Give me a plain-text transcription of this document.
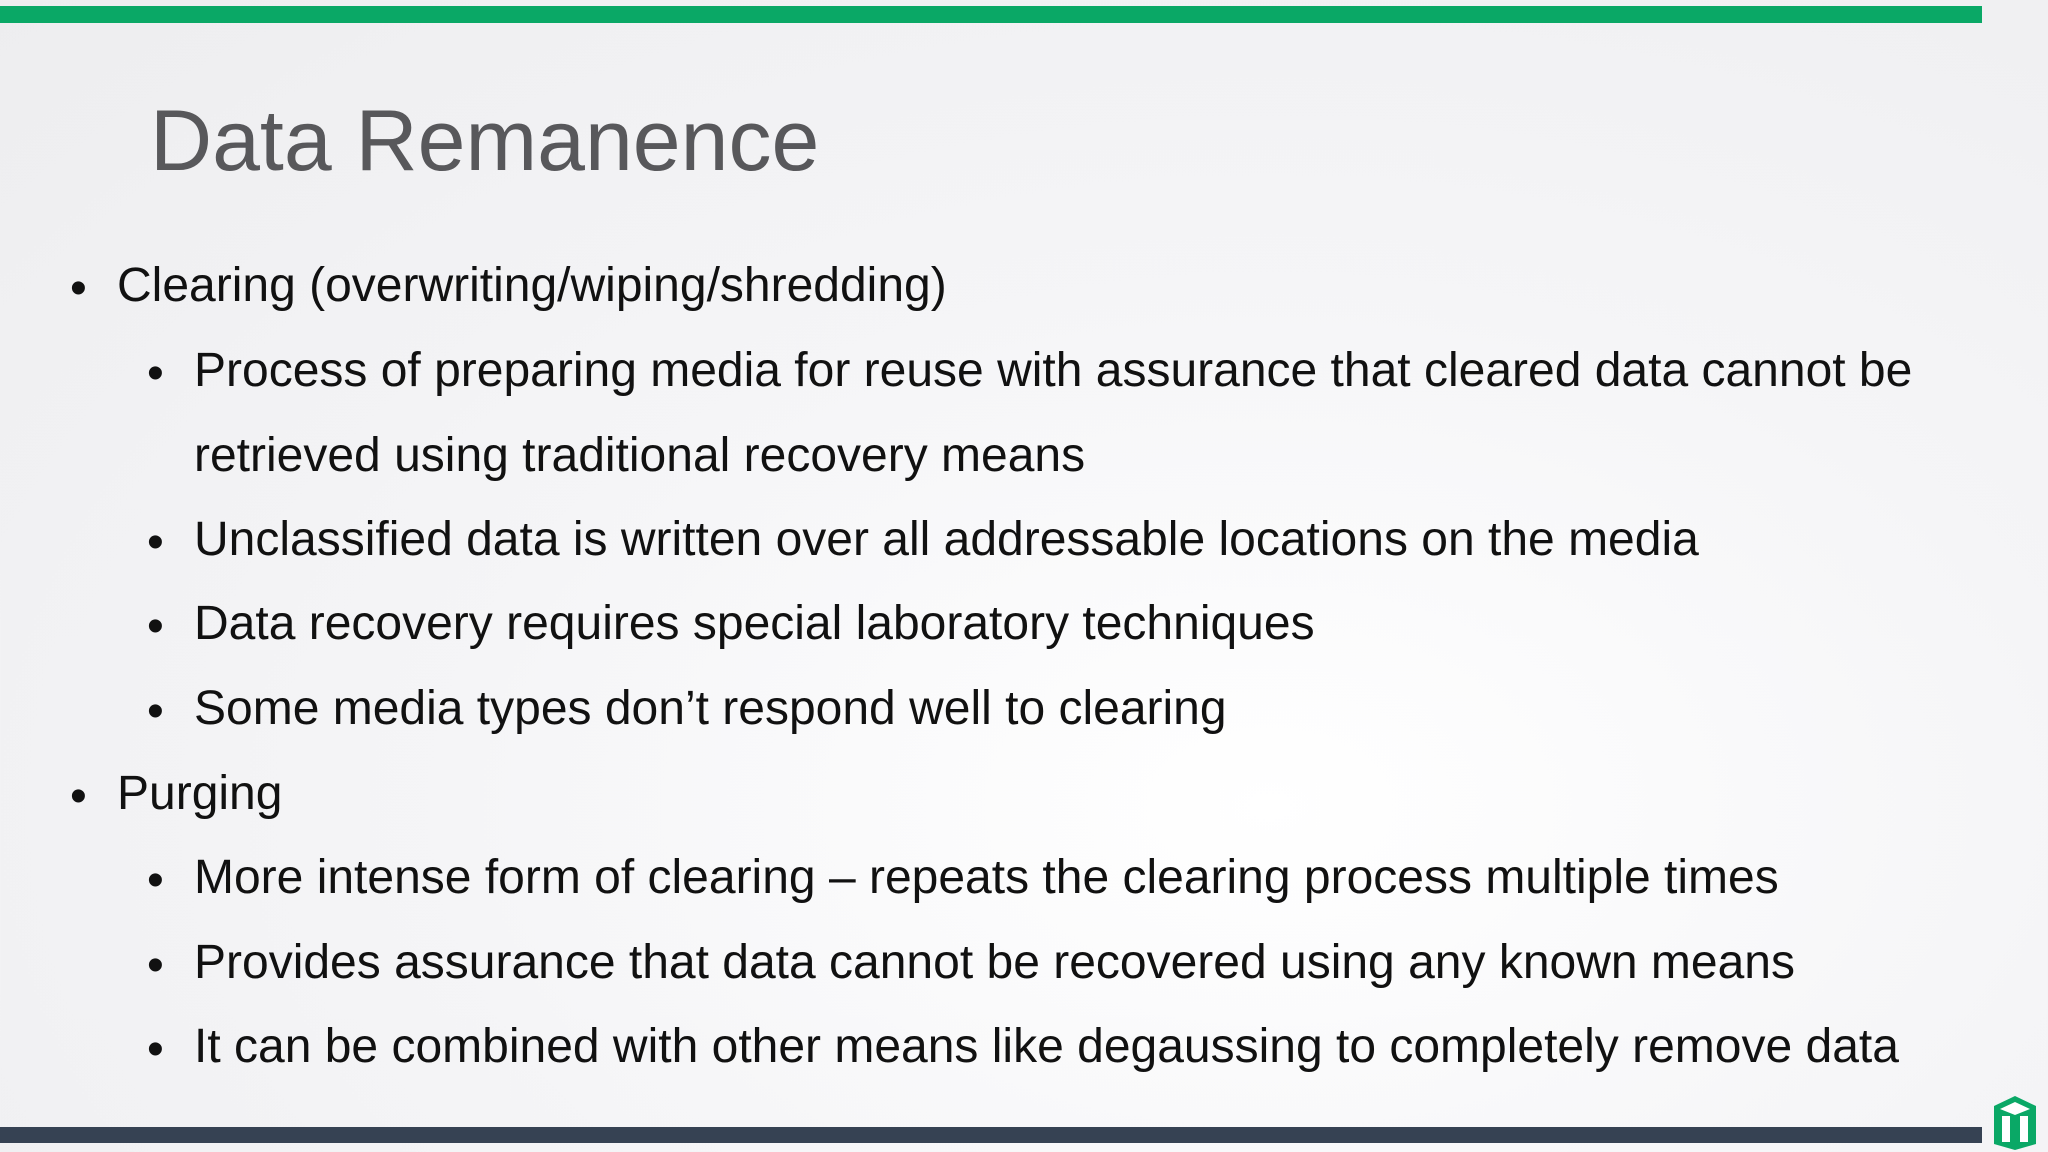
Data Remanence
• Clearing (overwriting/wiping/shredding)
• Process of preparing media for reuse with assurance that cleared data cannot be
retrieved using traditional recovery means
• Unclassified data is written over all addressable locations on the media
• Data recovery requires special laboratory techniques
• Some media types don’t respond well to clearing
• Purging
• More intense form of clearing – repeats the clearing process multiple times
• Provides assurance that data cannot be recovered using any known means
• It can be combined with other means like degaussing to completely remove data
